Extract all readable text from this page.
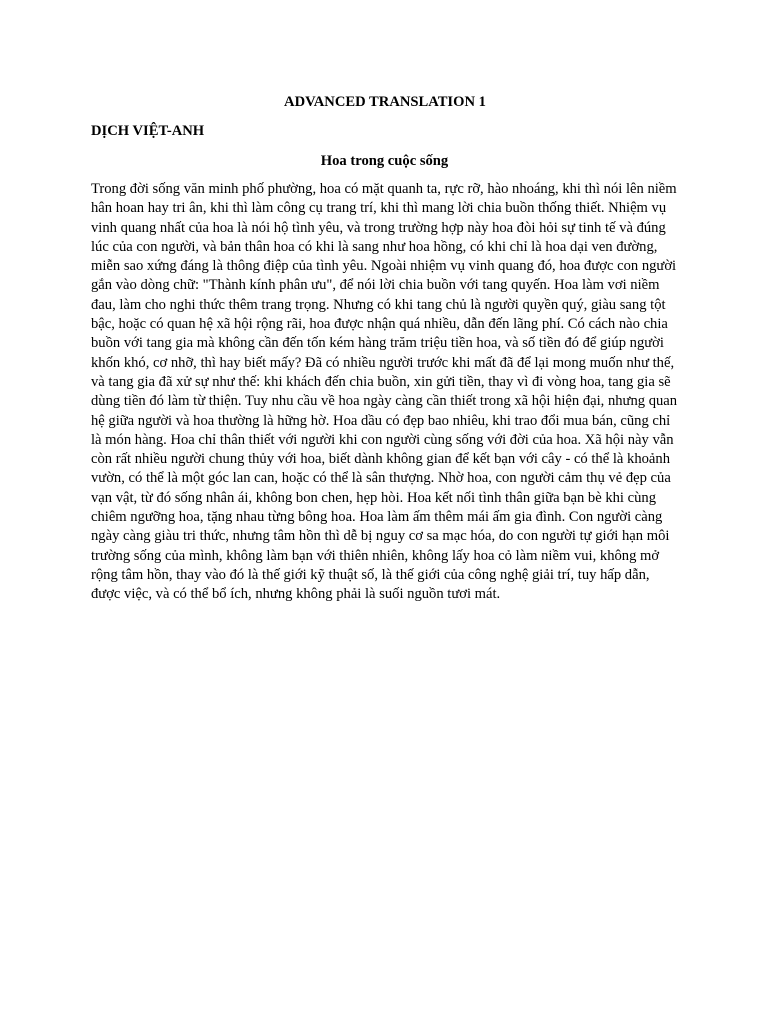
ADVANCED TRANSLATION 1

DỊCH VIỆT-ANH

Hoa trong cuộc sống

Trong đời sống văn minh phố phường, hoa có mặt quanh ta, rực rỡ, hào nhoáng, khi thì nói lên niềm hân hoan hay tri ân, khi thì làm công cụ trang trí, khi thì mang lời chia buồn thống thiết. Nhiệm vụ vinh quang nhất của hoa là nói hộ tình yêu, và trong trường hợp này hoa đòi hỏi sự tinh tế và đúng lúc của con người, và bản thân hoa có khi là sang như hoa hồng, có khi chỉ là hoa dại ven đường, miễn sao xứng đáng là thông điệp của tình yêu. Ngoài nhiệm vụ vinh quang đó, hoa được con người gắn vào dòng chữ: "Thành kính phân ưu", để nói lời chia buồn với tang quyến. Hoa làm vơi niềm đau, làm cho nghi thức thêm trang trọng. Nhưng có khi tang chủ là người quyền quý, giàu sang tột bậc, hoặc có quan hệ xã hội rộng rãi, hoa được nhận quá nhiều, dẫn đến lãng phí. Có cách nào chia buồn với tang gia mà không cần đến tốn kém hàng trăm triệu tiền hoa, và số tiền đó để giúp người khốn khó, cơ nhỡ, thì hay biết mấy? Đã có nhiều người trước khi mất đã để lại mong muốn như thế, và tang gia đã xử sự như thế: khi khách đến chia buồn, xin gửi tiền, thay vì đi vòng hoa, tang gia sẽ dùng tiền đó làm từ thiện. Tuy nhu cầu về hoa ngày càng cần thiết trong xã hội hiện đại, nhưng quan hệ giữa người và hoa thường là hững hờ. Hoa dầu có đẹp bao nhiêu, khi trao đổi mua bán, cũng chỉ là món hàng. Hoa chỉ thân thiết với người khi con người cùng sống với đời của hoa. Xã hội này vẫn còn rất nhiều người chung thủy với hoa, biết dành không gian để kết bạn với cây - có thể là khoảnh vườn, có thể là một góc lan can, hoặc có thể là sân thượng. Nhờ hoa, con người cảm thụ vẻ đẹp của vạn vật, từ đó sống nhân ái, không bon chen, hẹp hòi. Hoa kết nối tình thân giữa bạn bè khi cùng chiêm ngưỡng hoa, tặng nhau từng bông hoa. Hoa làm ấm thêm mái ấm gia đình. Con người càng ngày càng giàu tri thức, nhưng tâm hồn thì dễ bị nguy cơ sa mạc hóa, do con người tự giới hạn môi trường sống của mình, không làm bạn với thiên nhiên, không lấy hoa cỏ làm niềm vui, không mở rộng tâm hồn, thay vào đó là thế giới kỹ thuật số, là thế giới của công nghệ giải trí, tuy hấp dẫn, được việc, và có thể bổ ích, nhưng không phải là suối nguồn tươi mát.
